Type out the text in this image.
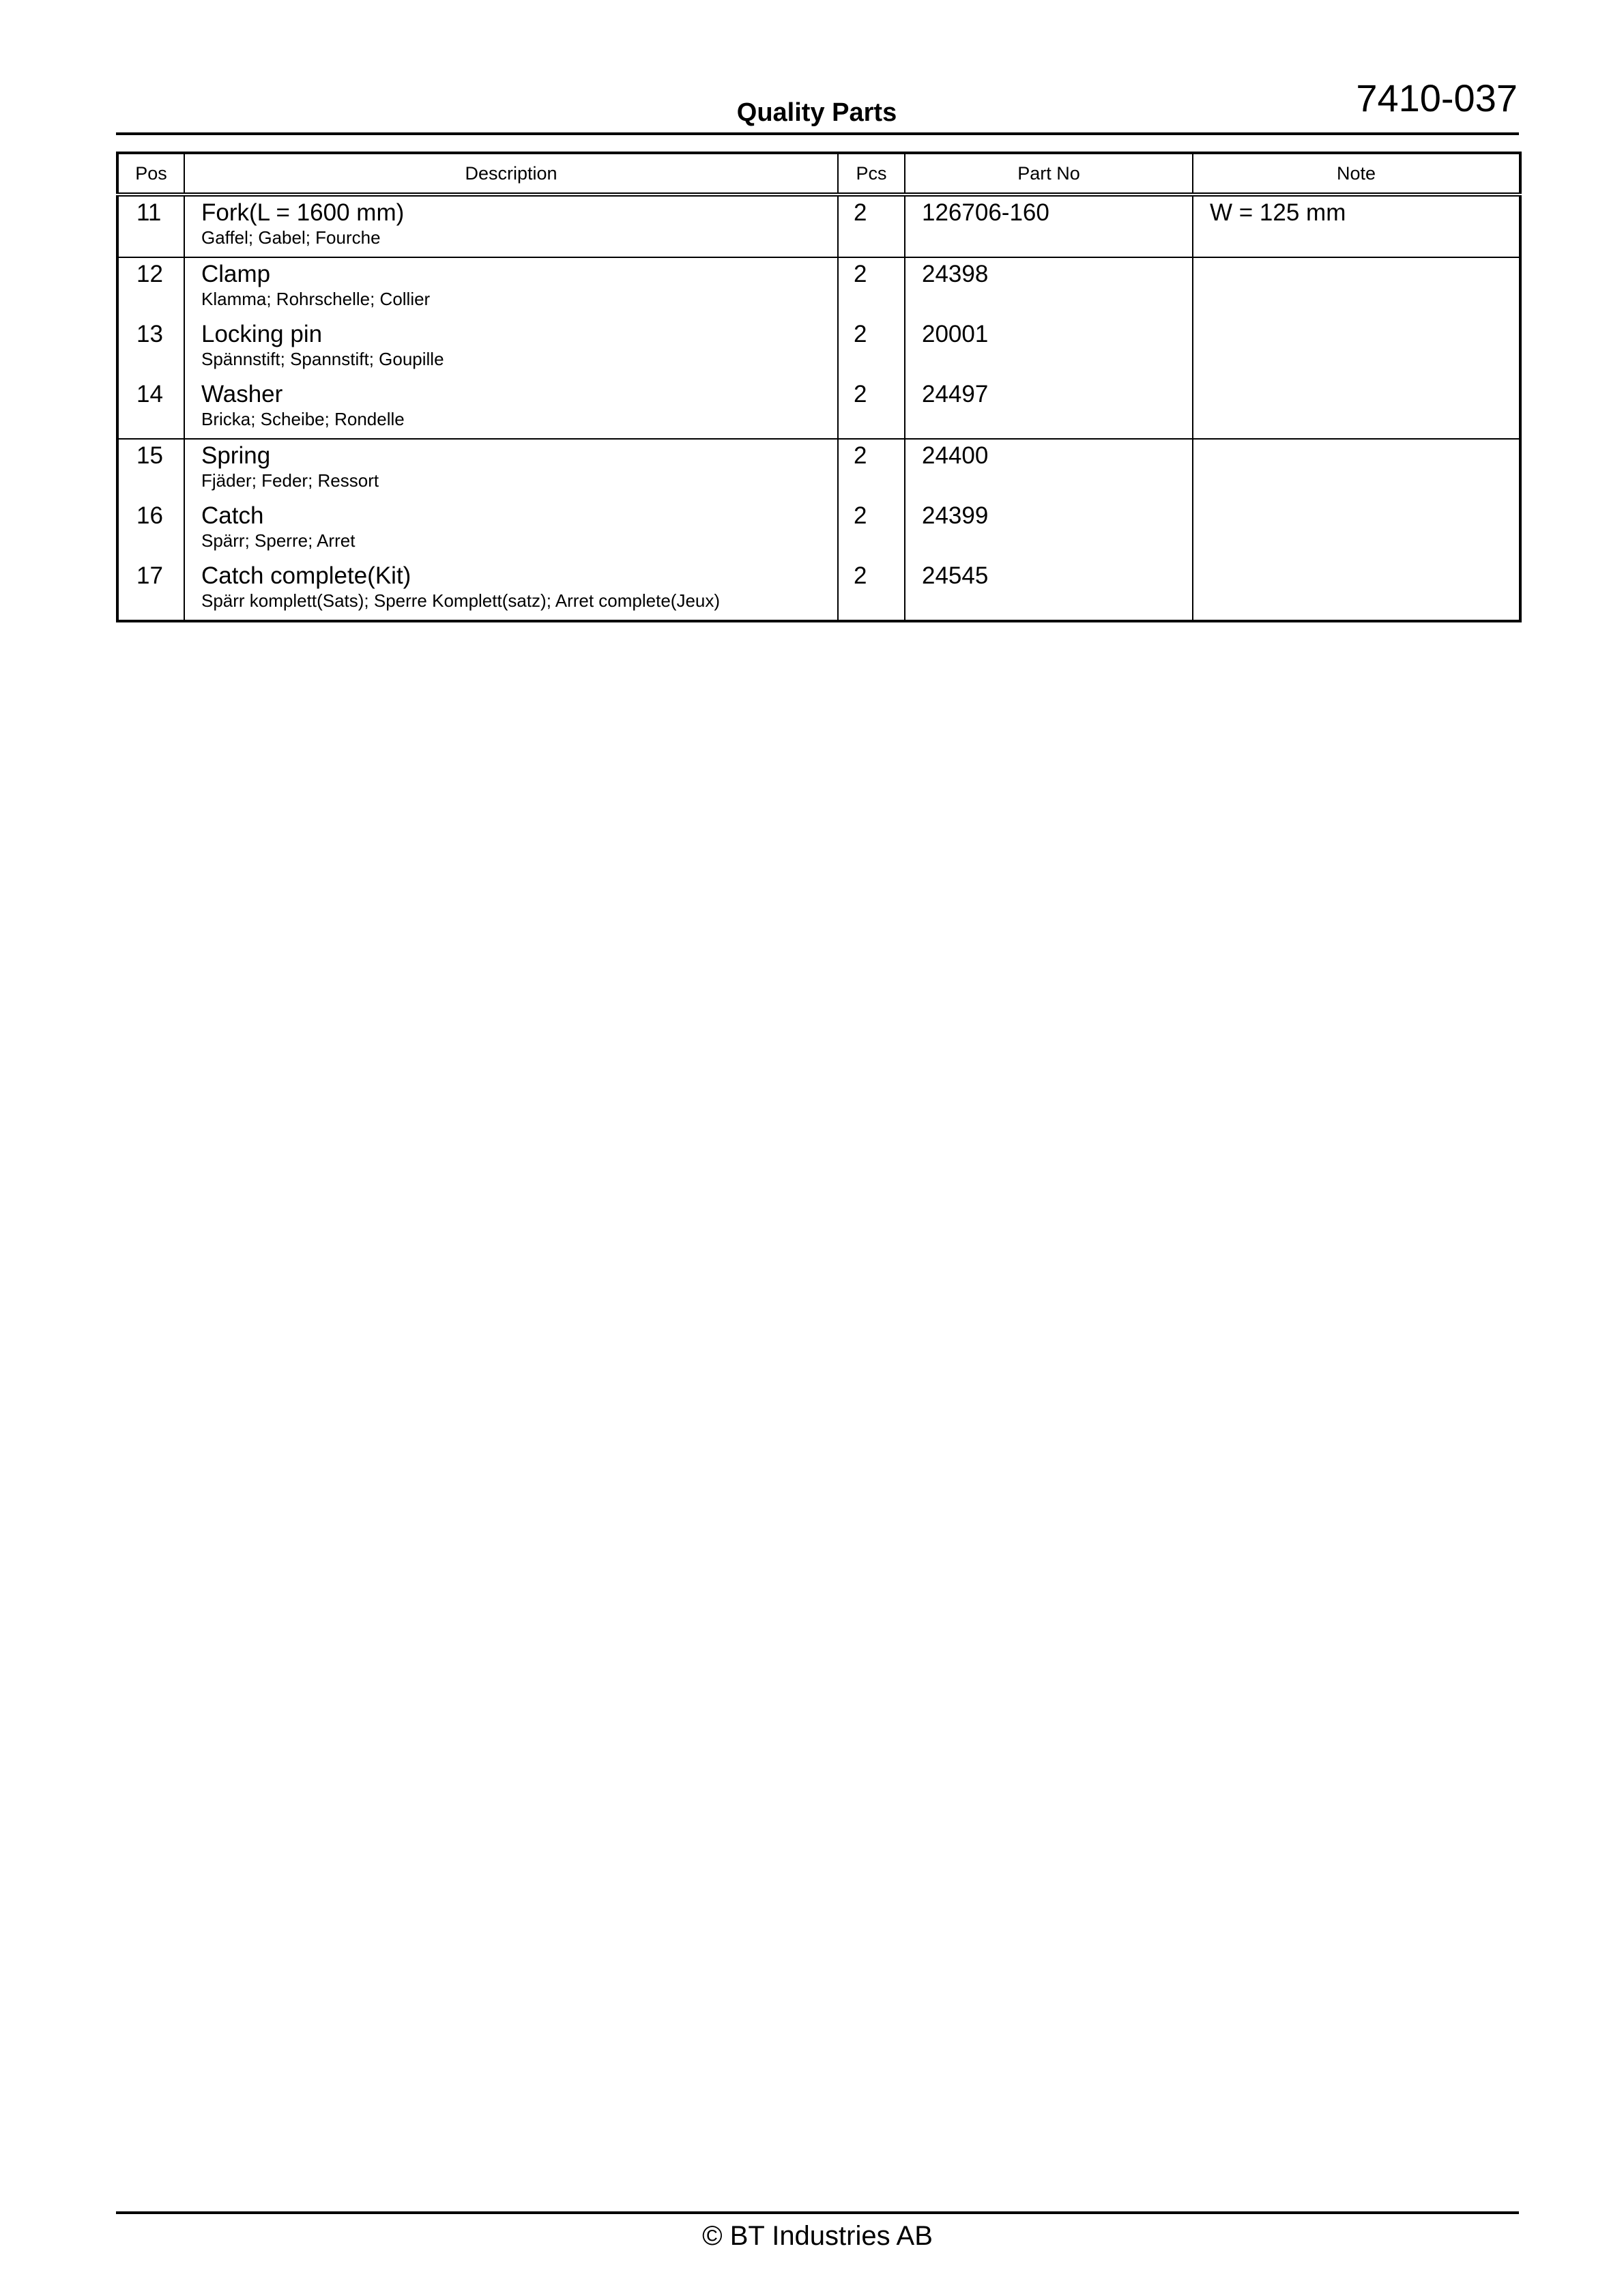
7410-037
Quality Parts
Pos	Description	Pcs	Part No	Note

11	Fork(L = 1600 mm)
Gaffel; Gabel; Fourche	2	126706-160	W = 125 mm

12	Clamp
Klamma; Rohrschelle; Collier	2	24398	

13	Locking pin
Spännstift; Spannstift; Goupille	2	20001	

14	Washer
Bricka; Scheibe; Rondelle	2	24497	

15	Spring
Fjäder; Feder; Ressort	2	24400	

16	Catch
Spärr; Sperre; Arret	2	24399	

17	Catch complete(Kit)
Spärr komplett(Sats); Sperre Komplett(satz); Arret complete(Jeux)	2	24545	

© BT Industries AB
